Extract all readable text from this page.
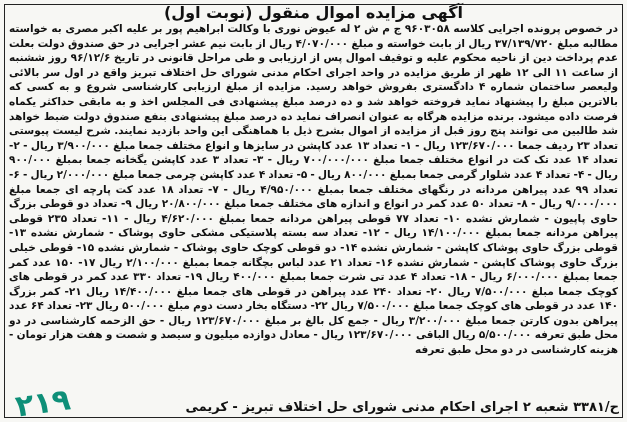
آگهی مزایده اموال منقول (نوبت اول)
در خصوص پرونده اجرایی کلاسه ۹۶۰۳۰۵۸ ج م ش ۲ له عیوض نوری با وکالت ابراهیم پور بر علیه اکبر مصری به خواسته مطالبه مبلغ ۳۷/۱۳۹/۷۲۰ ریال از بابت خواسته و مبلغ ۴/۰۷۰/۰۰۰ ریال از بابت نیم عشر اجرایی در حق صندوق دولت بعلت عدم پرداخت دین از ناحیه محکوم علیه و توقیف اموال پس از ارزیابی و طی مراحل قانونی در تاریخ ۹۶/۱۲/۶ روز ششنبه از ساعت ۱۱ الی ۱۲ ظهر از طریق مزایده در واحد اجرای احکام مدنی شورای حل اختلاف تبریز واقع در اول سر بالائی ولیعصر ساختمان شماره ۴ دادگستری بفروش خواهد رسید. مزایده از مبلغ ارزیابی کارشناسی شروع و به کسی که بالاترین مبلغ را پیشنهاد نماید فروخته خواهد شد و ده درصد مبلغ پیشنهادی فی المجلس اخذ و به مابقی حداکثر یکماه فرصت داده میشود. برنده مزایده هرگاه به عنوان انصراف نماید ده درصد مبلغ پیشنهادی بنفع صندوق دولت ضبط خواهد شد طالبین می توانند پنج روز قبل از مزایده از اموال بشرح ذیل با هماهنگی این واحد بازدید نمایند. شرح لیست پیوستی تعداد ۲۳ ردیف جمعا ۱۲۳/۶۷۰/۰۰۰ ریال - ۱- تعداد ۱۳ عدد کاپشن در سایزها و انواع مختلف جمعا مبلغ ۳/۹۰۰/۰۰۰ ریال - ۲- تعداد ۱۴ عدد تک کت در انواع مختلف جمعا مبلغ ۷۰۰/۰۰۰/۰۰۰ ریال - ۳- تعداد ۳ عدد کاپشن یگخانه جمعا بمبلغ ۹۰۰/۰۰۰ ریال - ۴- تعداد ۴ عدد شلوار گرمی جمعا بمبلغ ۸۰۰/۰۰۰ ریال - ۵- تعداد ۴ عدد کاپشن چرمی جمعا مبلغ ۲/۰۰۰/۰۰۰ ریال - ۶- تعداد ۹۹ عدد پیراهن مردانه در رنگهای مختلف جمعا بمبلغ ۴/۹۵۰/۰۰۰ ریال - ۷- تعداد ۱۸ عدد کت پارچه ای جمعا مبلغ ۹/۰۰۰/۰۰۰ ریال - ۸- تعداد ۵۰ عدد کمر در انواع و اندازه های مختلف جمعا مبلغ ۲۰/۸۰۰/۰۰۰ ریال ۹- تعداد دو قوطی بزرگ حاوی پاپیون - شمارش نشده ۱۰- تعداد ۷۷ قوطی پیراهن مردانه جمعا بمبلغ ۴/۶۲۰/۰۰۰ ریال - ۱۱- تعداد ۲۳۵ قوطی پیراهن مردانه جمعا بمبلغ ۱۴/۱۰۰/۰۰۰ ریال - ۱۲- تعداد سه بسته پلاستیکی مشکی حاوی پوشاک - شمارش نشده ۱۳- قوطی بزرگ حاوی پوشاک کاپشن - شمارش نشده ۱۴- دو قوطی کوچک حاوی پوشاک - شمارش نشده ۱۵- قوطی خیلی بزرگ حاوی پوشاک کاپشن - شمارش نشده ۱۶- تعداد ۲۱ عدد لباس بچگانه جمعا بمبلغ ۲/۱۰۰/۰۰۰ ریال ۱۷- ۱۵۰ عدد کمر جمعا بمبلغ ۶/۰۰۰/۰۰۰ ریال - ۱۸- تعداد ۴ عدد تی شرت جمعا بمبلغ ۴۰۰/۰۰۰ ریال ۱۹- تعداد ۳۳۰ عدد کمر در قوطی های کوچک جمعا مبلغ ۷/۵۰۰/۰۰۰ ریال ۲۰- تعداد ۲۴۰ عدد پیراهن در قوطی های جمعا مبلغ ۱۴/۴۰۰/۰۰۰ ریال ۲۱- کمر بزرگ ۱۴۰ عدد در قوطی های کوچک جمعا مبلغ ۷/۵۰۰/۰۰۰ ریال ۲۲- دستگاه بخار دست دوم مبلغ ۵۰۰/۰۰۰ ریال ۲۳- تعداد ۶۴ عدد پیراهن بدون کارتن جمعا مبلغ ۳/۲۰۰/۰۰۰ ریال - جمع کل بالغ بر مبلغ ۱۲۳/۶۷۰/۰۰۰ ریال - حق الزحمه کارشناسی در دو محل طبق تعرفه ۵/۵۰۰/۰۰۰ ریال الباقی ۱۲۳/۶۷۰/۰۰۰ ریال - معادل دوازده میلیون و سیصد و شصت و هفت هزار تومان - هزینه کارشناسی در دو محل طبق تعرفه
۲۱۹	ح/۳۳۸۱ شعبه ۲ اجرای احکام مدنی شورای حل اختلاف تبریز - کریمی
